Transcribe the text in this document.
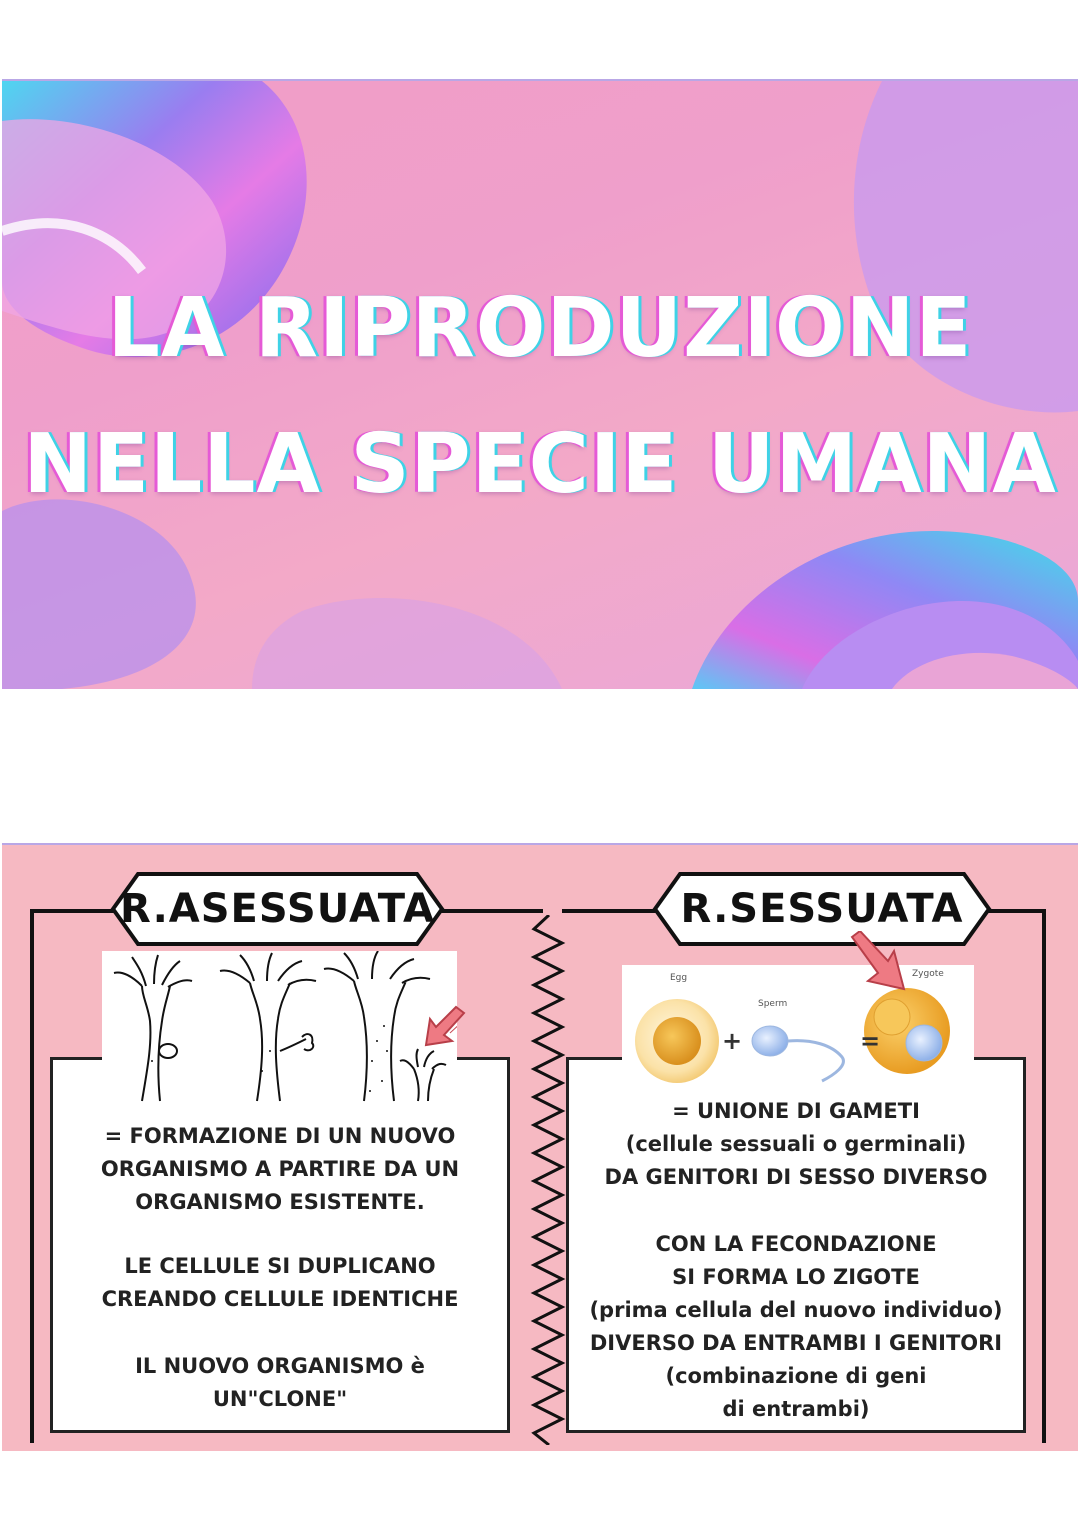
LA RIPRODUZIONE
NELLA SPECIE UMANA
R.ASESSUATA	R.SESSUATA
= FORMAZIONE DI UN NUOVO
ORGANISMO A PARTIRE DA UN
ORGANISMO ESISTENTE.
LE CELLULE SI DUPLICANO
CREANDO CELLULE IDENTICHE
IL NUOVO ORGANISMO è
UN"CLONE"
= UNIONE DI GAMETI
(cellule sessuali o germinali)
DA GENITORI DI SESSO DIVERSO
CON LA FECONDAZIONE
SI FORMA LO ZIGOTE
(prima cellula del nuovo individuo)
DIVERSO DA ENTRAMBI I GENITORI
(combinazione di geni
di entrambi)
Egg
Sperm
Zygote
+	=
